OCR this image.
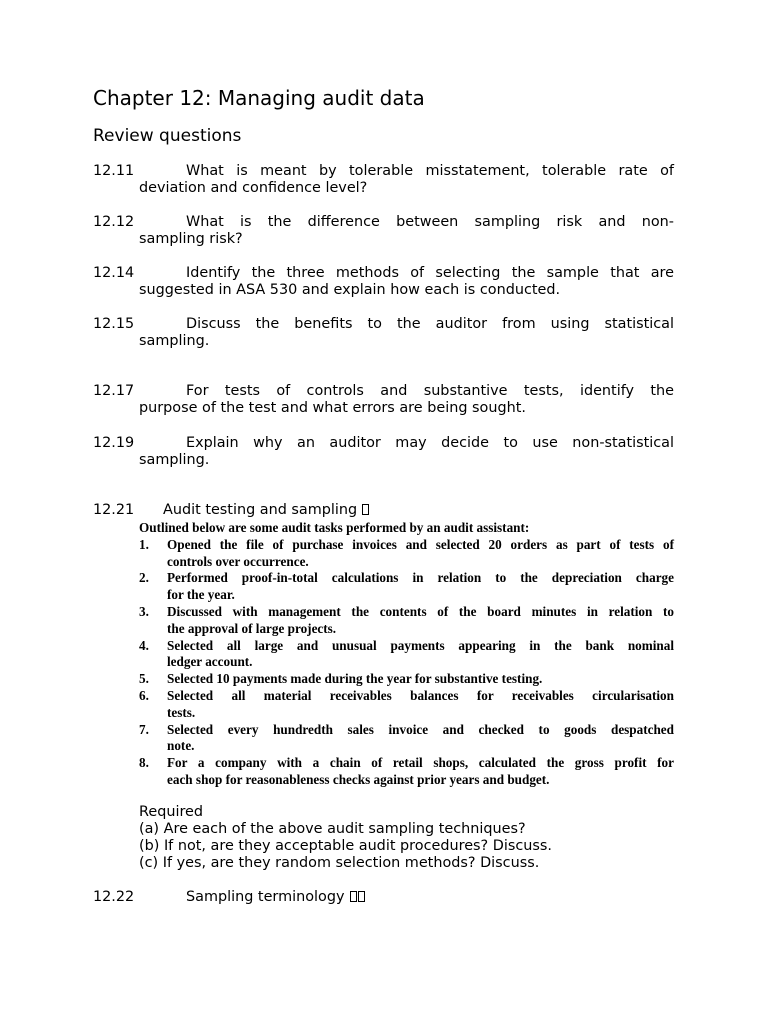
Chapter 12: Managing audit data
Review questions
12.11	What is meant by tolerable misstatement, tolerable rate of
deviation and confidence level?
12.12	What is the difference between sampling risk and non-
sampling risk?
12.14	Identify the three methods of selecting the sample that are
suggested in ASA 530 and explain how each is conducted.
12.15	Discuss the benefits to the auditor from using statistical
sampling.
12.17	For tests of controls and substantive tests, identify the
purpose of the test and what errors are being sought.
12.19	Explain why an auditor may decide to use non-statistical
sampling.
12.21	Audit testing and sampling
Outlined below are some audit tasks performed by an audit assistant:
1.	Opened the file of purchase invoices and selected 20 orders as part of tests of
controls over occurrence.
2.	Performed proof-in-total calculations in relation to the depreciation charge
for the year.
3.	Discussed with management the contents of the board minutes in relation to
the approval of large projects.
4.	Selected all large and unusual payments appearing in the bank nominal
ledger account.
5.	Selected 10 payments made during the year for substantive testing.
6.	Selected all material receivables balances for receivables circularisation
tests.
7.	Selected every hundredth sales invoice and checked to goods despatched
note.
8.	For a company with a chain of retail shops, calculated the gross profit for
each shop for reasonableness checks against prior years and budget.
Required
(a) Are each of the above audit sampling techniques?
(b) If not, are they acceptable audit procedures? Discuss.
(c) If yes, are they random selection methods? Discuss.
12.22	Sampling terminology
